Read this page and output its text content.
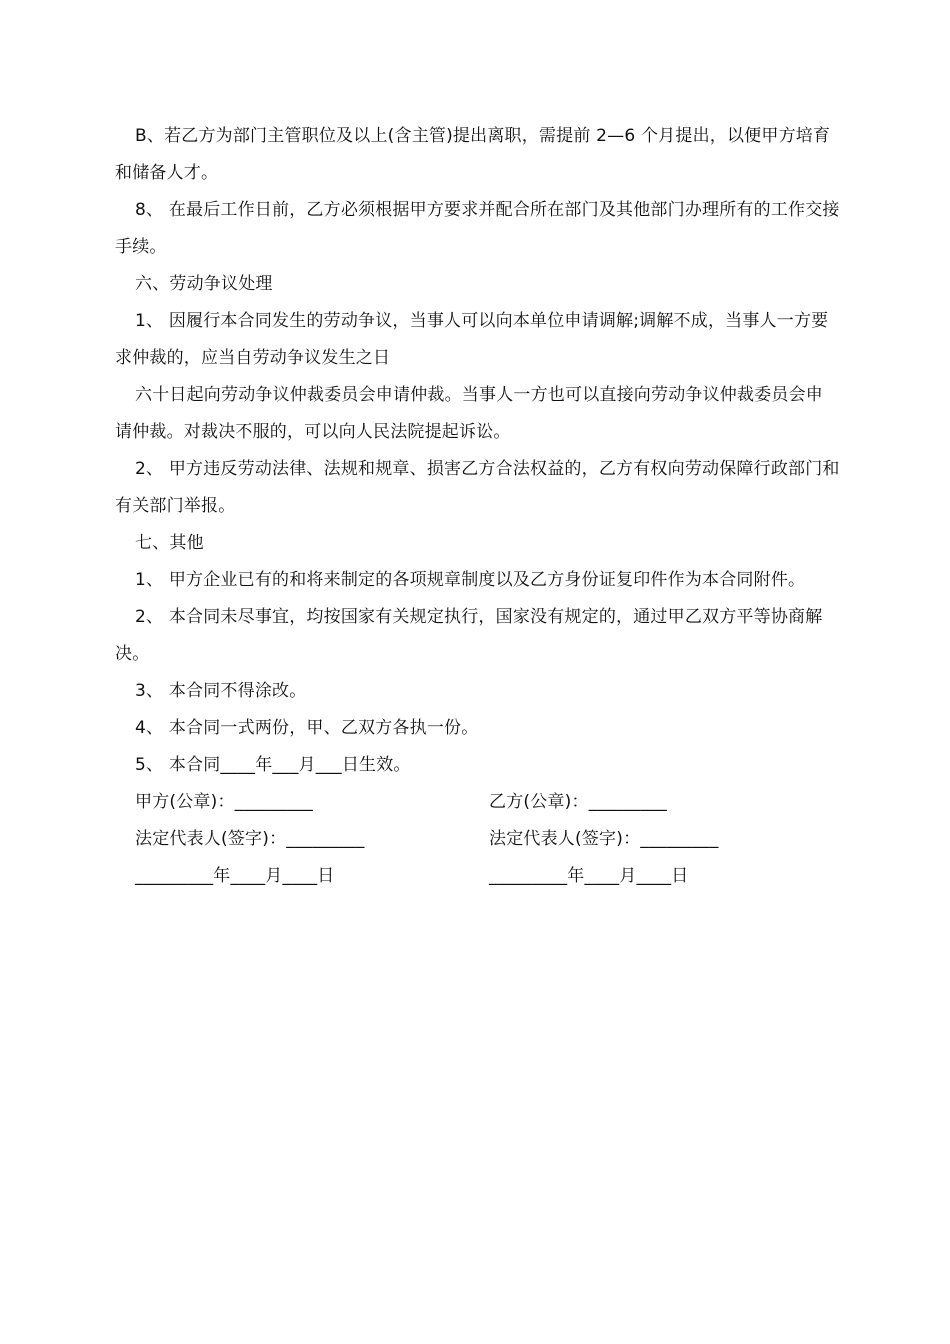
B、若乙方为部门主管职位及以上(含主管)提出离职，需提前 2—6 个月提出，以便甲方培育和储备人才。

8、 在最后工作日前，乙方必须根据甲方要求并配合所在部门及其他部门办理所有的工作交接手续。

六、劳动争议处理

1、 因履行本合同发生的劳动争议，当事人可以向本单位申请调解;调解不成，当事人一方要求仲裁的，应当自劳动争议发生之日

六十日起向劳动争议仲裁委员会申请仲裁。当事人一方也可以直接向劳动争议仲裁委员会申请仲裁。对裁决不服的，可以向人民法院提起诉讼。

2、 甲方违反劳动法律、法规和规章、损害乙方合法权益的，乙方有权向劳动保障行政部门和有关部门举报。

七、其他

1、 甲方企业已有的和将来制定的各项规章制度以及乙方身份证复印件作为本合同附件。

2、 本合同未尽事宜，均按国家有关规定执行，国家没有规定的，通过甲乙双方平等协商解决。

3、 本合同不得涂改。

4、 本合同一式两份，甲、乙双方各执一份。

5、 本合同____年___月___日生效。

甲方(公章)：_________	乙方(公章)：_________
法定代表人(签字)：_________	法定代表人(签字)：_________
_________年____月____日	_________年____月____日
